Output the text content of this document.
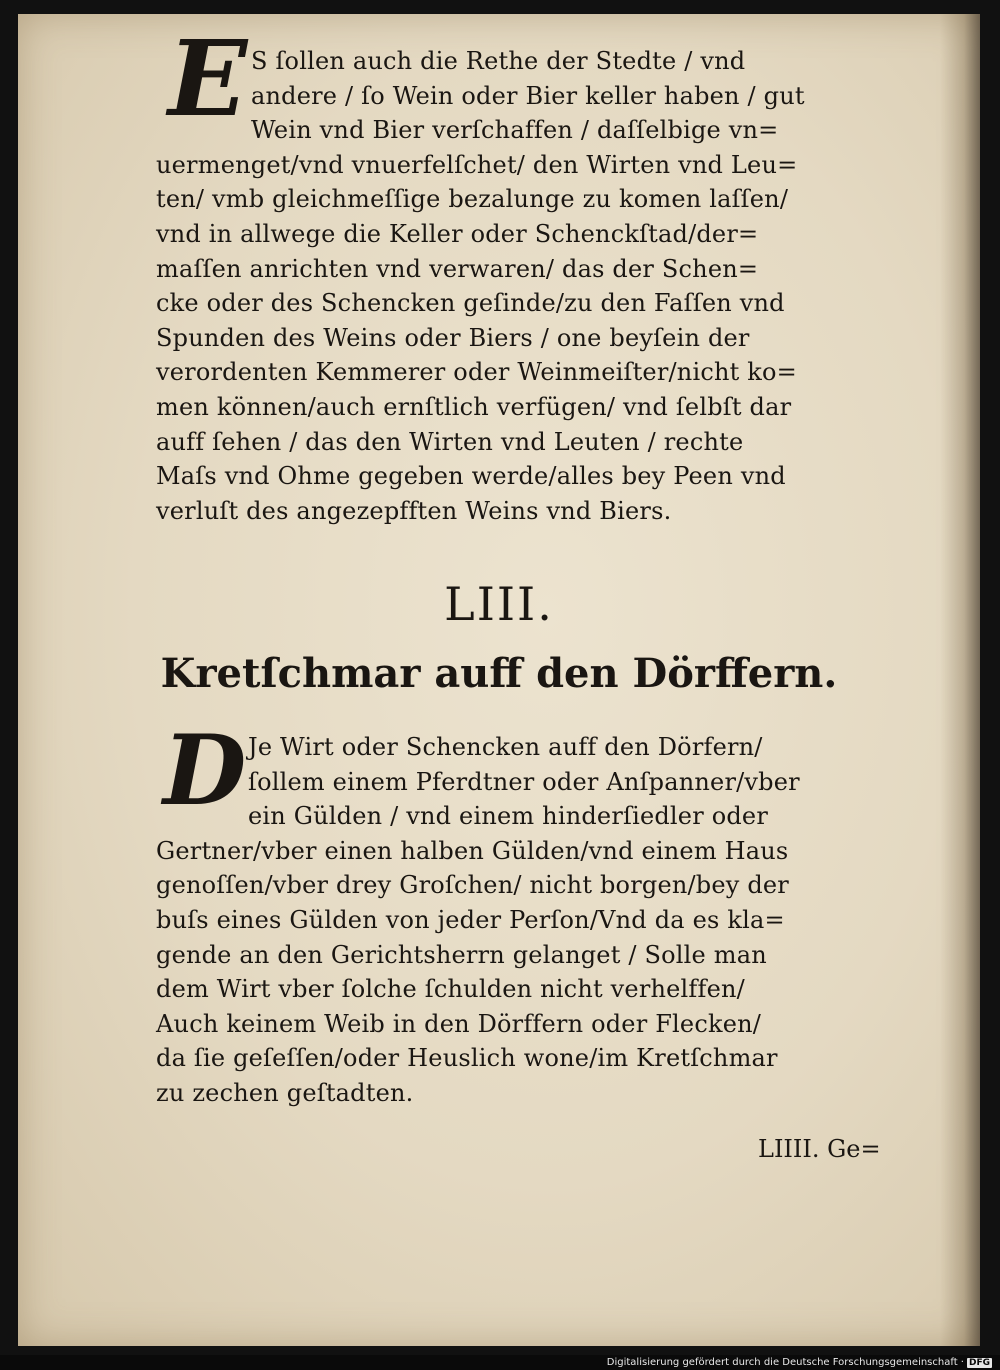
E S ſollen auch die Rethe der Stedte / vnd
andere / ſo Wein oder Bier keller haben / gut
Wein vnd Bier verſchaffen / daſſelbige vn=
uermenget/vnd vnuerfelſchet/ den Wirten vnd Leu=
ten/ vmb gleichmeſſige bezalunge zu komen laſſen/
vnd in allwege die Keller oder Schenckſtad/der=
maſſen anrichten vnd verwaren/ das der Schen=
cke oder des Schencken geſinde/zu den Faſſen vnd
Spunden des Weins oder Biers / one beyſein der
verordenten Kemmerer oder Weinmeiſter/nicht ko=
men können/auch ernſtlich verfügen/ vnd ſelbſt dar
auff ſehen / das den Wirten vnd Leuten / rechte
Maſs vnd Ohme gegeben werde/alles bey Peen vnd
verluſt des angezepfften Weins vnd Biers.
LIII.
Kretſchmar auff den Dörffern.
D Je Wirt oder Schencken auff den Dörfern/
ſollem einem Pferdtner oder Anſpanner/vber
ein Gülden / vnd einem hinderſiedler oder
Gertner/vber einen halben Gülden/vnd einem Haus
genoſſen/vber drey Groſchen/ nicht borgen/bey der
buſs eines Gülden von jeder Perſon/Vnd da es kla=
gende an den Gerichtsherrn gelanget / Solle man
dem Wirt vber ſolche ſchulden nicht verhelffen/
Auch keinem Weib in den Dörffern oder Flecken/
da ſie geſeſſen/oder Heuslich wone/im Kretſchmar
zu zechen geſtadten.
LIIII. Ge=
Digitalisierung gefördert durch die Deutsche Forschungsgemeinschaft · DFG
